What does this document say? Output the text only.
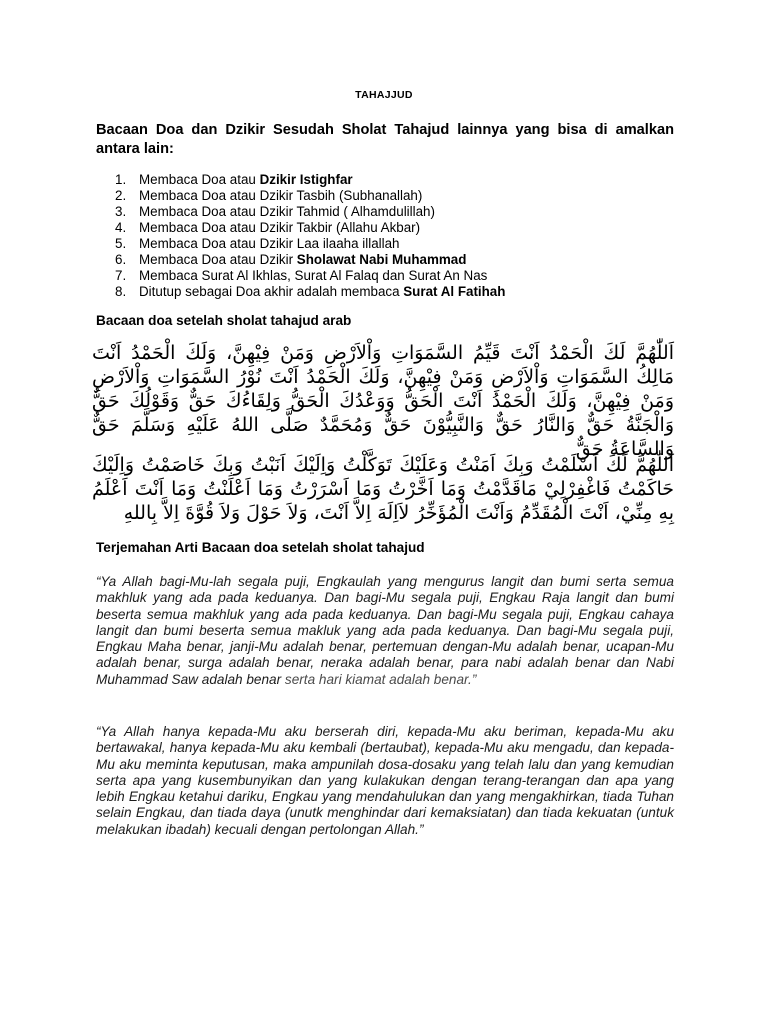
TAHAJJUD
Bacaan Doa dan Dzikir Sesudah Sholat Tahajud lainnya yang bisa di amalkan antara lain:
1. Membaca Doa atau Dzikir Istighfar
2. Membaca Doa atau Dzikir Tasbih (Subhanallah)
3. Membaca Doa atau Dzikir Tahmid ( Alhamdulillah)
4. Membaca Doa atau Dzikir Takbir (Allahu Akbar)
5. Membaca Doa atau Dzikir Laa ilaaha illallah
6. Membaca Doa atau Dzikir Sholawat Nabi Muhammad
7. Membaca Surat Al Ikhlas, Surat Al Falaq dan Surat An Nas
8. Ditutup sebagai Doa akhir adalah membaca Surat Al Fatihah
Bacaan doa setelah sholat tahajud arab
اَللّٰهُمَّ لَكَ الْحَمْدُ اَنْتَ قَيِّمُ السَّمَوَاتِ وَاْلاَرْضِ وَمَنْ فِيْهِنَّ، وَلَكَ الْحَمْدُ اَنْتَ مَالِكُ السَّمَوَاتِ وَاْلاَرْضِ وَمَنْ فِيْهِنَّ، وَلَكَ الْحَمْدُ اَنْتَ نُوْرُ السَّمَوَاتِ وَاْلاَرْضِ وَمَنْ فِيْهِنَّ، وَلَكَ الْحَمْدُ اَنْتَ الْحَقُّ وَوَعْدُكَ الْحَقُّ وَلِقَاءُكَ حَقٌّ وَقَوْلُكَ حَقٌّ وَالْجَنَّةُ حَقٌّ وَالنَّارُ حَقٌّ وَالنَّبِيُّوْنَ حَقٌّ وَمُحَمَّدٌ صَلَّى اللهُ عَلَيْهِ وَسَلَّمَ حَقٌّ وَالسَّاعَةُ حَقٌّ
اَللّٰهُمَّ لَكَ اَسْلَمْتُ وَبِكَ اَمَنْتُ وَعَلَيْكَ تَوَكَّلْتُ وَاِلَيْكَ اَنَبْتُ وَبِكَ خَاصَمْتُ وَاِلَيْكَ حَاكَمْتُ فَاغْفِرْلِيْ مَاقَدَّمْتُ وَمَا اَخَّرْتُ وَمَا اَسْرَرْتُ وَمَا اَعْلَنْتُ وَمَا اَنْتَ اَعْلَمُ بِهِ مِنِّيْ، اَنْتَ الْمُقَدِّمُ وَاَنْتَ الْمُؤَخِّرُ لاَاِلَهَ اِلاَّ اَنْتَ، وَلاَ حَوْلَ وَلاَ قُوَّةَ اِلاَّ بِاللهِ
Terjemahan Arti Bacaan doa setelah sholat tahajud

“Ya Allah bagi-Mu-lah segala puji, Engkaulah yang mengurus langit dan bumi serta semua makhluk yang ada pada keduanya. Dan bagi-Mu segala puji, Engkau Raja langit dan bumi beserta semua makhluk yang ada pada keduanya. Dan bagi-Mu segala puji, Engkau cahaya langit dan bumi beserta semua makluk yang ada pada keduanya. Dan bagi-Mu segala puji, Engkau Maha benar, janji-Mu adalah benar, pertemuan dengan-Mu adalah benar, ucapan-Mu adalah benar, surga adalah benar, neraka adalah benar, para nabi adalah benar dan Nabi Muhammad Saw adalah benar serta hari kiamat adalah benar.”

“Ya Allah hanya kepada-Mu aku berserah diri, kepada-Mu aku beriman, kepada-Mu aku bertawakal, hanya kepada-Mu aku kembali (bertaubat), kepada-Mu aku mengadu, dan kepada-Mu aku meminta keputusan, maka ampunilah dosa-dosaku yang telah lalu dan yang kemudian serta apa yang kusembunyikan dan yang kulakukan dengan terang-terangan dan apa yang lebih Engkau ketahui dariku, Engkau yang mendahulukan dan yang mengakhirkan, tiada Tuhan selain Engkau, dan tiada daya (unutk menghindar dari kemaksiatan) dan tiada kekuatan (untuk melakukan ibadah) kecuali dengan pertolongan Allah.”
